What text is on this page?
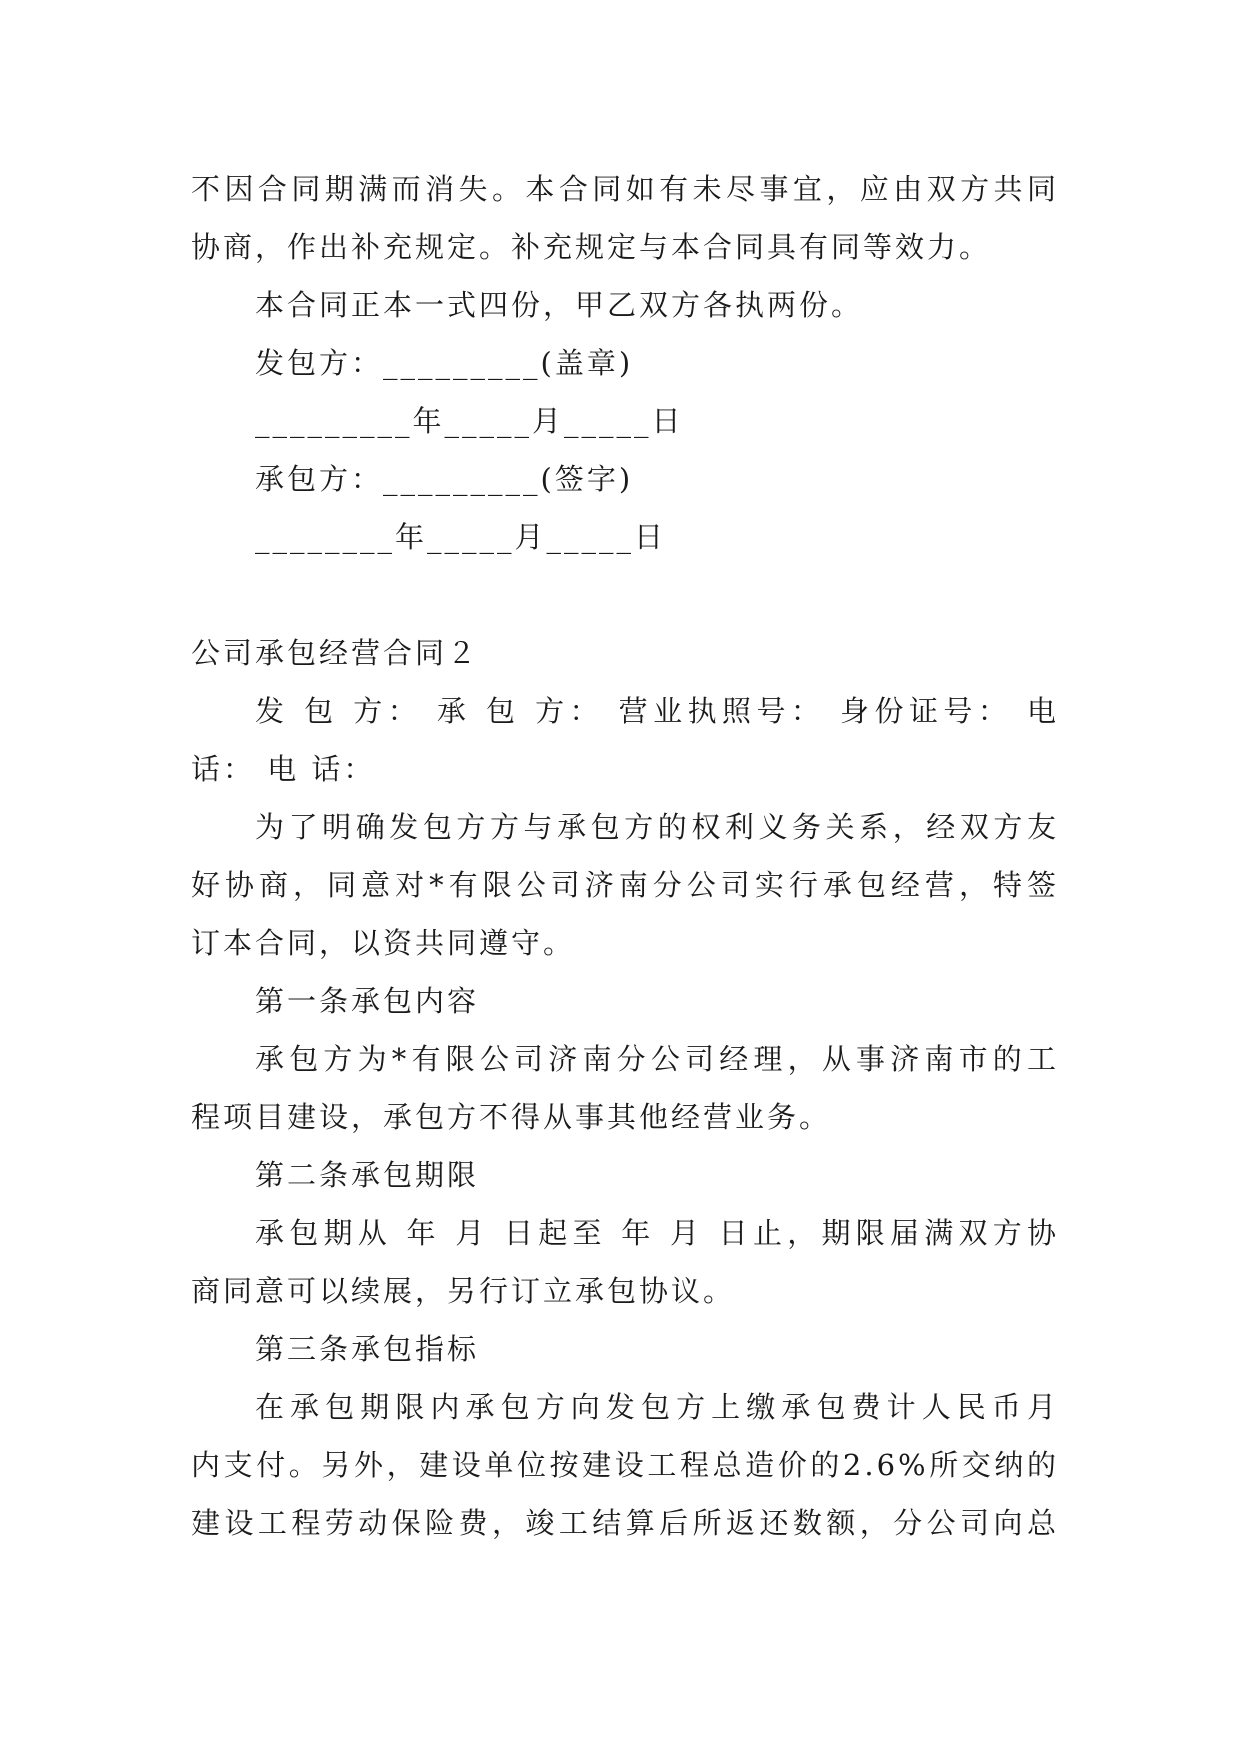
不因合同期满而消失。本合同如有未尽事宜，应由双方共同
协商，作出补充规定。补充规定与本合同具有同等效力。
本合同正本一式四份，甲乙双方各执两份。
发包方：_________(盖章)
_________年_____月_____日
承包方：_________(签字)
________年_____月_____日
公司承包经营合同２
发 包 方： 承 包 方： 营业执照号： 身份证号： 电
话： 电 话：
为了明确发包方方与承包方的权利义务关系，经双方友
好协商，同意对*有限公司济南分公司实行承包经营，特签
订本合同，以资共同遵守。
第一条承包内容
承包方为*有限公司济南分公司经理，从事济南市的工
程项目建设，承包方不得从事其他经营业务。
第二条承包期限
承包期从 年 月 日起至 年 月 日止，期限届满双方协
商同意可以续展，另行订立承包协议。
第三条承包指标
在承包期限内承包方向发包方上缴承包费计人民币月
内支付。另外，建设单位按建设工程总造价的2.6%所交纳的
建设工程劳动保险费，竣工结算后所返还数额，分公司向总
